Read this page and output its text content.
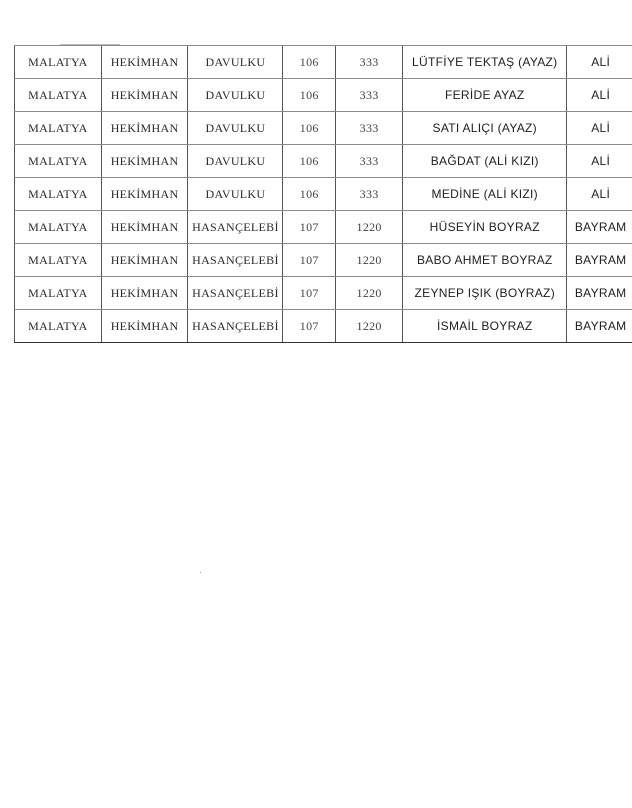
MALATYA	HEKİMHAN	DAVULKU	106	333	LÜTFİYE TEKTAŞ (AYAZ)	ALİ
MALATYA	HEKİMHAN	DAVULKU	106	333	FERİDE AYAZ	ALİ
MALATYA	HEKİMHAN	DAVULKU	106	333	SATI ALIÇI (AYAZ)	ALİ
MALATYA	HEKİMHAN	DAVULKU	106	333	BAĞDAT (ALİ KIZI)	ALİ
MALATYA	HEKİMHAN	DAVULKU	106	333	MEDİNE (ALİ KIZI)	ALİ
MALATYA	HEKİMHAN	HASANÇELEBİ	107	1220	HÜSEYİN BOYRAZ	BAYRAM
MALATYA	HEKİMHAN	HASANÇELEBİ	107	1220	BABO AHMET BOYRAZ	BAYRAM
MALATYA	HEKİMHAN	HASANÇELEBİ	107	1220	ZEYNEP IŞIK (BOYRAZ)	BAYRAM
MALATYA	HEKİMHAN	HASANÇELEBİ	107	1220	İSMAİL BOYRAZ	BAYRAM
